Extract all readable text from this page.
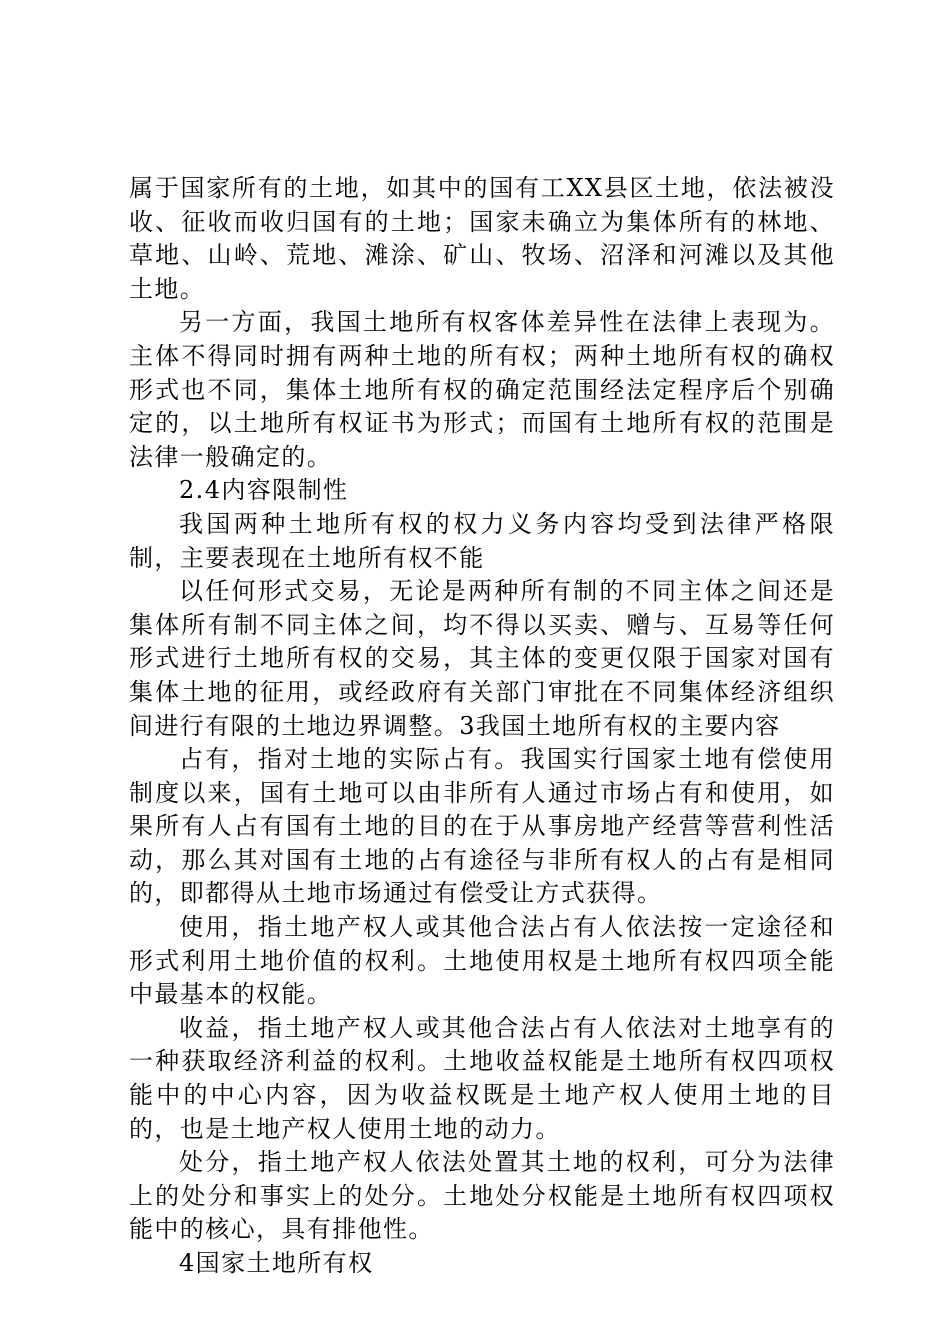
属于国家所有的土地，如其中的国有工XX县区土地，依法被没收、征收而收归国有的土地；国家未确立为集体所有的林地、草地、山岭、荒地、滩涂、矿山、牧场、沼泽和河滩以及其他土地。

另一方面，我国土地所有权客体差异性在法律上表现为。主体不得同时拥有两种土地的所有权；两种土地所有权的确权形式也不同，集体土地所有权的确定范围经法定程序后个别确定的，以土地所有权证书为形式；而国有土地所有权的范围是法律一般确定的。

2.4内容限制性

我国两种土地所有权的权力义务内容均受到法律严格限制，主要表现在土地所有权不能

以任何形式交易，无论是两种所有制的不同主体之间还是集体所有制不同主体之间，均不得以买卖、赠与、互易等任何形式进行土地所有权的交易，其主体的变更仅限于国家对国有集体土地的征用，或经政府有关部门审批在不同集体经济组织间进行有限的土地边界调整。3我国土地所有权的主要内容

占有，指对土地的实际占有。我国实行国家土地有偿使用制度以来，国有土地可以由非所有人通过市场占有和使用，如果所有人占有国有土地的目的在于从事房地产经营等营利性活动，那么其对国有土地的占有途径与非所有权人的占有是相同的，即都得从土地市场通过有偿受让方式获得。

使用，指土地产权人或其他合法占有人依法按一定途径和形式利用土地价值的权利。土地使用权是土地所有权四项全能中最基本的权能。

收益，指土地产权人或其他合法占有人依法对土地享有的一种获取经济利益的权利。土地收益权能是土地所有权四项权能中的中心内容，因为收益权既是土地产权人使用土地的目的，也是土地产权人使用土地的动力。

处分，指土地产权人依法处置其土地的权利，可分为法律上的处分和事实上的处分。土地处分权能是土地所有权四项权能中的核心，具有排他性。

4国家土地所有权
